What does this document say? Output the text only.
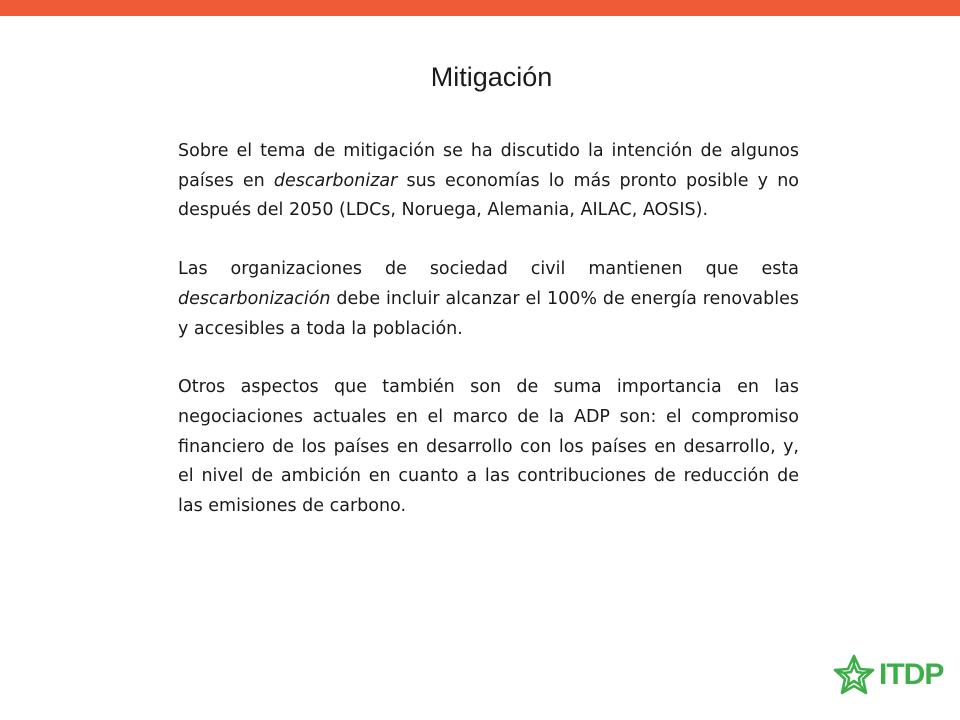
Mitigación

Sobre el tema de mitigación se ha discutido la intención de algunos países en descarbonizar sus economías lo más pronto posible y no después del 2050 (LDCs, Noruega, Alemania, AILAC, AOSIS).

Las organizaciones de sociedad civil mantienen que esta descarbonización debe incluir alcanzar el 100% de energía renovables y accesibles a toda la población.

Otros aspectos que también son de suma importancia en las negociaciones actuales en el marco de la ADP son: el compromiso financiero de los países en desarrollo con los países en desarrollo, y, el nivel de ambición en cuanto a las contribuciones de reducción de las emisiones de carbono.

ITDP
